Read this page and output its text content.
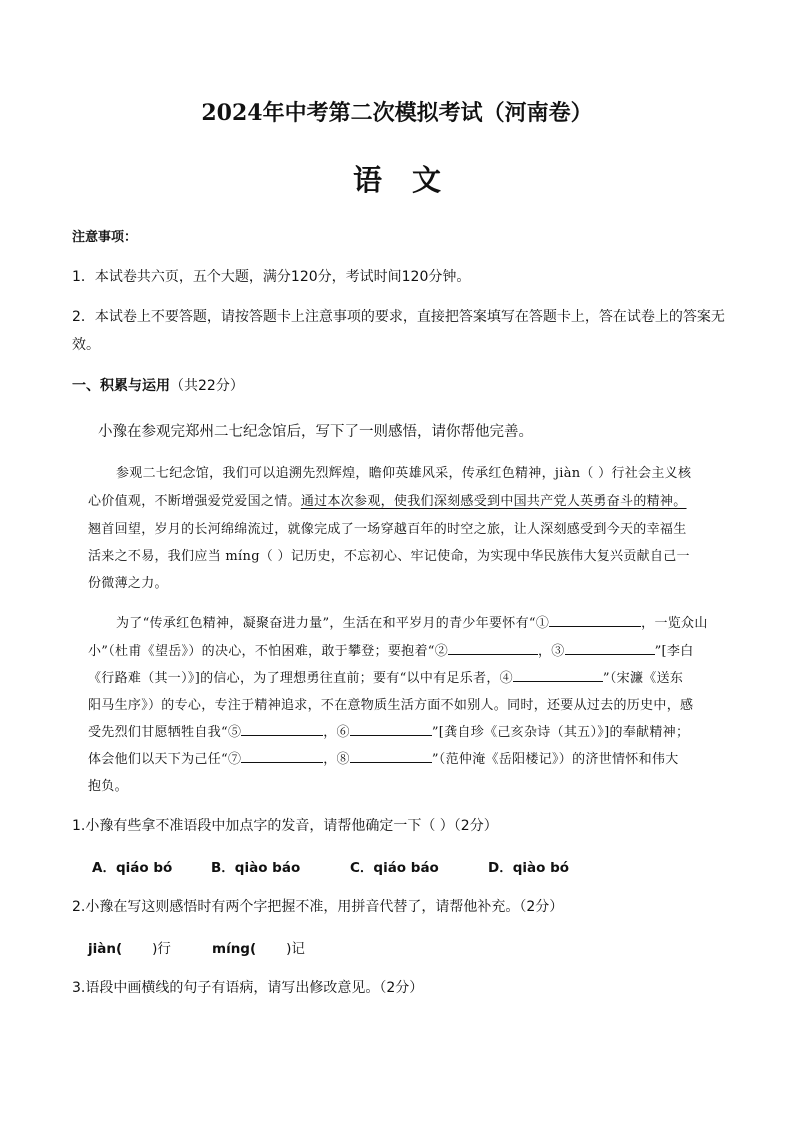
2024年中考第二次模拟考试（河南卷）
语文
注意事项：
1．本试卷共六页，五个大题，满分120分，考试时间120分钟。
2．本试卷上不要答题，请按答题卡上注意事项的要求，直接把答案填写在答题卡上，答在试卷上的答案无
效。
一、积累与运用（共22分）
小豫在参观完郑州二七纪念馆后，写下了一则感悟，请你帮他完善。
参观二七纪念馆，我们可以追溯先烈辉煌，瞻仰英雄风采，传承红色精神，jiàn（ ）行社会主义核
心价值观，不断增强爱党爱国之情。通过本次参观，使我们深刻感受到中国共产党人英勇奋斗的精神。
翘首回望，岁月的长河绵绵流过，就像完成了一场穿越百年的时空之旅，让人深刻感受到今天的幸福生
活来之不易，我们应当 míng（ ）记历史，不忘初心、牢记使命，为实现中华民族伟大复兴贡献自己一
份微薄之力。
为了“传承红色精神，凝聚奋进力量”，生活在和平岁月的青少年要怀有“①	，一览众山
小”（杜甫《望岳》）的决心，不怕困难，敢于攀登；要抱着“②	，③	”[李白
《行路难（其一）》]的信心，为了理想勇往直前；要有“以中有足乐者，④	”（宋濂《送东
阳马生序》）的专心，专注于精神追求，不在意物质生活方面不如别人。同时，还要从过去的历史中，感
受先烈们甘愿牺牲自我“⑤	，⑥	”[龚自珍《己亥杂诗（其五）》]的奉献精神；
体会他们以天下为己任“⑦	，⑧	”（范仲淹《岳阳楼记》）的济世情怀和伟大
抱负。
1.小豫有些拿不准语段中加点字的发音，请帮他确定一下（ ）（2分）
A．qiáo bó	B．qiào báo	C．qiáo báo	D．qiào bó
2.小豫在写这则感悟时有两个字把握不准，用拼音代替了，请帮他补充。（2分）
jiàn( )行	míng( )记
3.语段中画横线的句子有语病，请写出修改意见。（2分）
